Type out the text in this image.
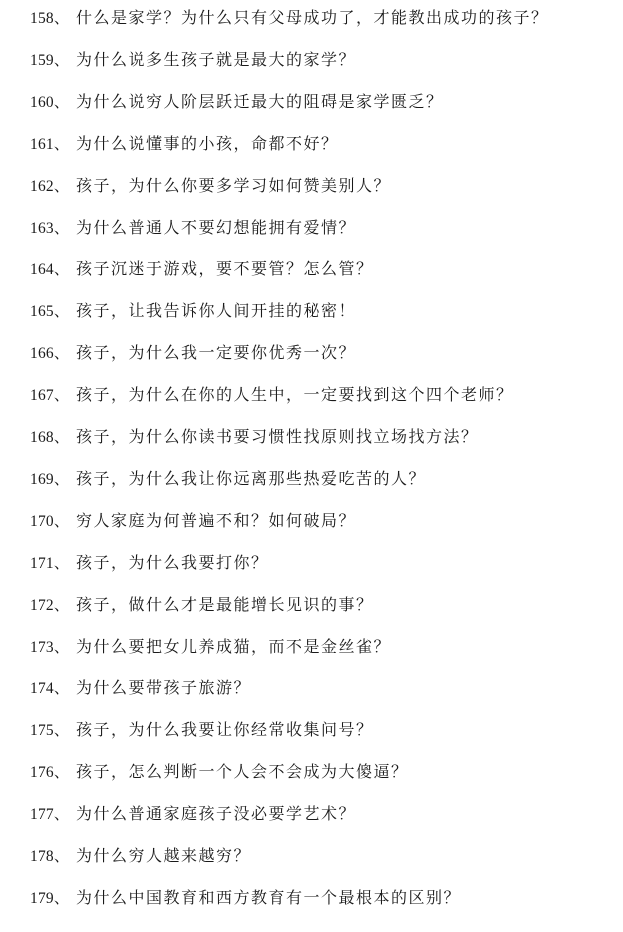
158、 什么是家学？为什么只有父母成功了，才能教出成功的孩子？
159、 为什么说多生孩子就是最大的家学？
160、 为什么说穷人阶层跃迁最大的阻碍是家学匮乏？
161、 为什么说懂事的小孩，命都不好？
162、 孩子，为什么你要多学习如何赞美别人？
163、 为什么普通人不要幻想能拥有爱情？
164、 孩子沉迷于游戏，要不要管？怎么管？
165、 孩子，让我告诉你人间开挂的秘密！
166、 孩子，为什么我一定要你优秀一次？
167、 孩子，为什么在你的人生中，一定要找到这个四个老师？
168、 孩子，为什么你读书要习惯性找原则找立场找方法？
169、 孩子，为什么我让你远离那些热爱吃苦的人？
170、 穷人家庭为何普遍不和？如何破局？
171、 孩子，为什么我要打你？
172、 孩子，做什么才是最能增长见识的事？
173、 为什么要把女儿养成猫，而不是金丝雀？
174、 为什么要带孩子旅游？
175、 孩子，为什么我要让你经常收集问号？
176、 孩子，怎么判断一个人会不会成为大傻逼？
177、 为什么普通家庭孩子没必要学艺术？
178、 为什么穷人越来越穷？
179、 为什么中国教育和西方教育有一个最根本的区别？
